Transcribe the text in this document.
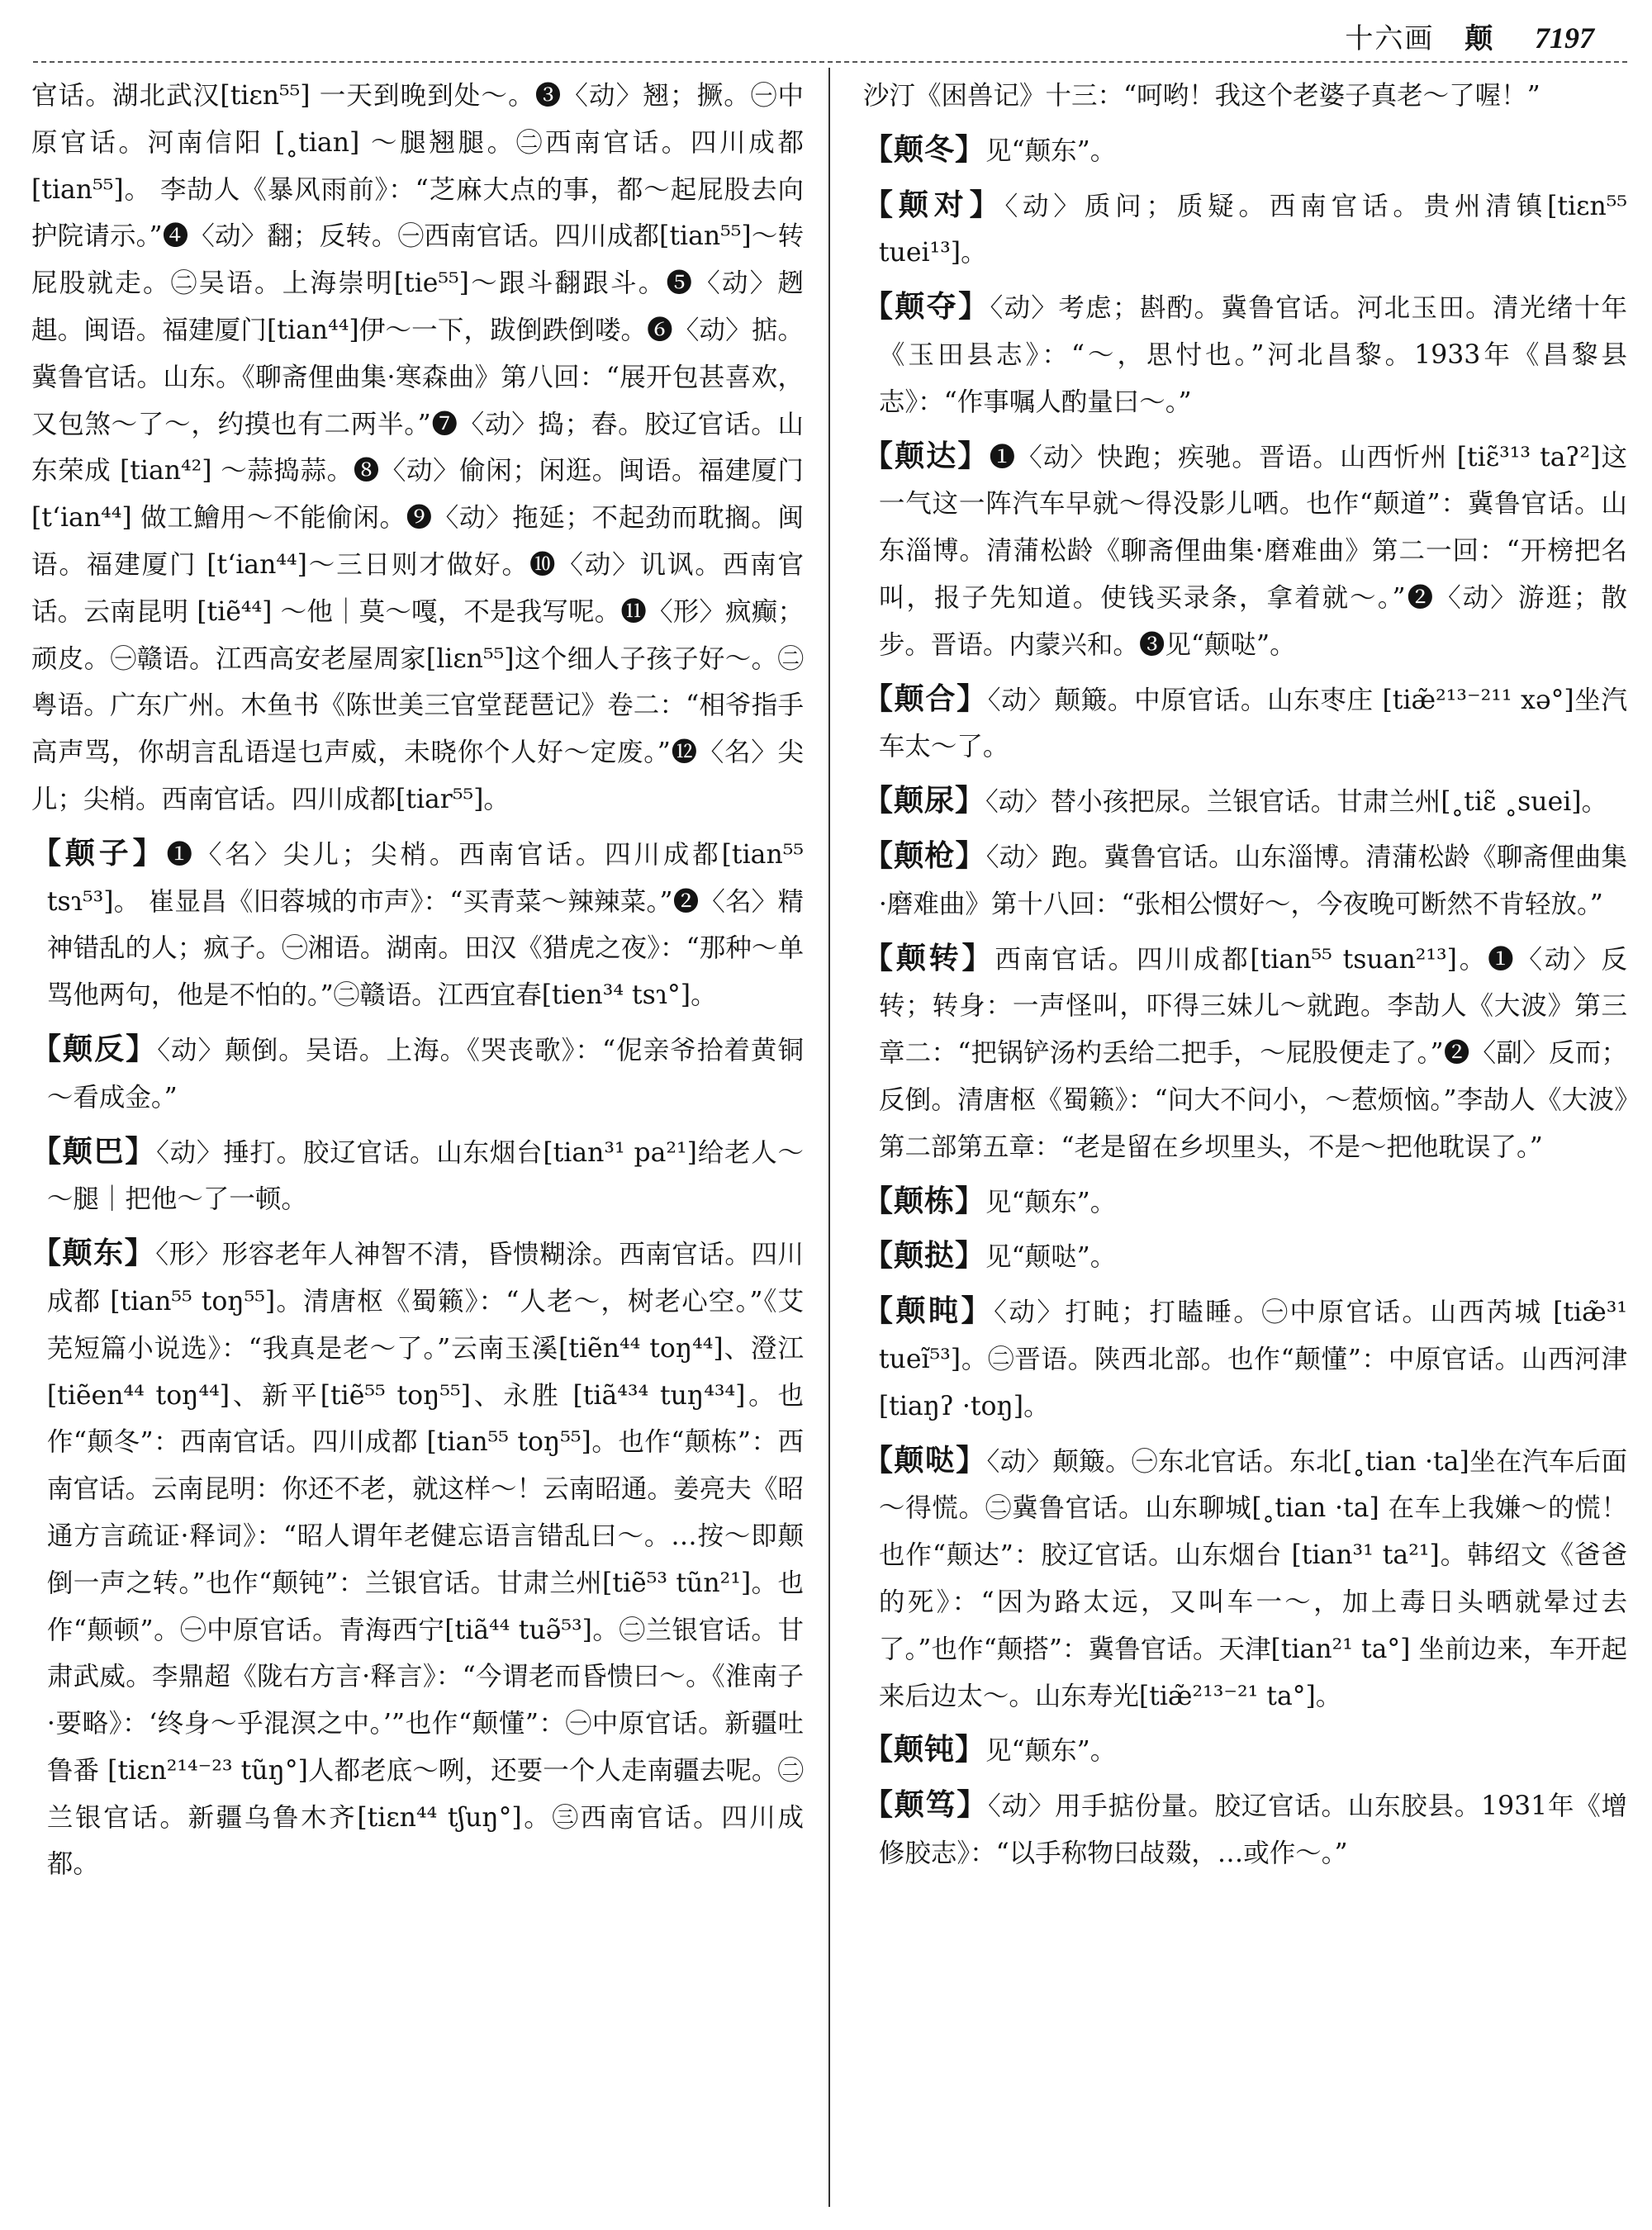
十六画 颠 7197

官话。湖北武汉[tiɛn⁵⁵] 一天到晚到处～。❸〈动〉翘；撅。㊀中原官话。河南信阳 [˳tian] ～腿翘腿。㊁西南官话。四川成都 [tian⁵⁵]。 李劼人《暴风雨前》：“芝麻大点的事，都～起屁股去向护院请示。”❹〈动〉翻；反转。㊀西南官话。四川成都[tian⁵⁵]～转屁股就走。㊁吴语。上海崇明[tie⁵⁵]～跟斗翻跟斗。❺〈动〉趔趄。闽语。福建厦门[tian⁴⁴]伊～一下，跋倒跌倒喽。❻〈动〉掂。冀鲁官话。山东。《聊斋俚曲集·寒森曲》第八回：“展开包甚喜欢，又包煞～了～，约摸也有二两半。”❼〈动〉捣；舂。胶辽官话。山东荣成 [tian⁴²] ～蒜捣蒜。❽〈动〉偷闲；闲逛。闽语。福建厦门 [tʻian⁴⁴] 做工鱠用～不能偷闲。❾〈动〉拖延；不起劲而耽搁。闽语。福建厦门 [tʻian⁴⁴]～三日则才做好。❿〈动〉讥讽。西南官话。云南昆明 [tiẽ⁴⁴] ～他｜莫～嘎，不是我写呢。⓫〈形〉疯癫；顽皮。㊀赣语。江西高安老屋周家[liɛn⁵⁵]这个细人子孩子好～。㊁粤语。广东广州。木鱼书《陈世美三官堂琵琶记》卷二：“相爷指手高声骂，你胡言乱语逞乜声威，未晓你个人好～定废。”⓬〈名〉尖儿；尖梢。西南官话。四川成都[tiar⁵⁵]。

【颠子】❶〈名〉尖儿；尖梢。西南官话。四川成都[tian⁵⁵ tsɿ⁵³]。 崔显昌《旧蓉城的市声》：“买青菜～辣辣菜。”❷〈名〉精神错乱的人；疯子。㊀湘语。湖南。田汉《猎虎之夜》：“那种～单骂他两句，他是不怕的。”㊁赣语。江西宜春[tien³⁴ tsɿ°]。

【颠反】〈动〉颠倒。吴语。上海。《哭丧歌》：“伲亲爷拾着黄铜～看成金。”

【颠巴】〈动〉捶打。胶辽官话。山东烟台[tian³¹ pa²¹]给老人～～腿｜把他～了一顿。

【颠东】〈形〉形容老年人神智不清，昏愦糊涂。西南官话。四川成都 [tian⁵⁵ toŋ⁵⁵]。清唐枢《蜀籁》：“人老～，树老心空。”《艾芜短篇小说选》：“我真是老～了。”云南玉溪[tiẽn⁴⁴ toŋ⁴⁴]、澄江[tiẽen⁴⁴ toŋ⁴⁴]、新平[tiẽ⁵⁵ toŋ⁵⁵]、永胜 [tiã⁴³⁴ tuŋ⁴³⁴]。也作“颠冬”：西南官话。四川成都 [tian⁵⁵ toŋ⁵⁵]。也作“颠栋”：西南官话。云南昆明：你还不老，就这样～！云南昭通。姜亮夫《昭通方言疏证·释词》：“昭人谓年老健忘语言错乱曰～。…按～即颠倒一声之转。”也作“颠钝”：兰银官话。甘肃兰州[tiẽ⁵³ tũn²¹]。也作“颠顿”。㊀中原官话。青海西宁[tiã⁴⁴ tuə̃⁵³]。㊁兰银官话。甘肃武威。李鼎超《陇右方言·释言》：“今谓老而昏愦曰～。《淮南子·要略》：‘终身～乎混溟之中。’”也作“颠懂”：㊀中原官话。新疆吐鲁番 [tiɛn²¹⁴⁻²³ tũŋ°]人都老底～咧，还要一个人走南疆去呢。㊁兰银官话。新疆乌鲁木齐[tiɛn⁴⁴ tʃuŋ°]。㊂西南官话。四川成都。

沙汀《困兽记》十三：“呵哟！我这个老婆子真老～了喔！”

【颠冬】见“颠东”。

【颠对】〈动〉质问；质疑。西南官话。贵州清镇[tiɛn⁵⁵ tuei¹³]。

【颠夺】〈动〉考虑；斟酌。冀鲁官话。河北玉田。清光绪十年《玉田县志》：“～，思忖也。”河北昌黎。1933年《昌黎县志》：“作事嘱人酌量曰～。”

【颠达】❶〈动〉快跑；疾驰。晋语。山西忻州 [tiɛ̃³¹³ taʔ²]这一气这一阵汽车早就～得没影儿哂。也作“颠道”：冀鲁官话。山东淄博。清蒲松龄《聊斋俚曲集·磨难曲》第二一回：“开榜把名叫，报子先知道。使钱买录条，拿着就～。”❷〈动〉游逛；散步。晋语。内蒙兴和。❸见“颠哒”。

【颠合】〈动〉颠簸。中原官话。山东枣庄 [tiæ̃²¹³⁻²¹¹ xə°]坐汽车太～了。

【颠尿】〈动〉替小孩把尿。兰银官话。甘肃兰州[˳tiɛ̃ ˳suei]。

【颠枪】〈动〉跑。冀鲁官话。山东淄博。清蒲松龄《聊斋俚曲集·磨难曲》第十八回：“张相公惯好～，今夜晚可断然不肯轻放。”

【颠转】西南官话。四川成都[tian⁵⁵ tsuan²¹³]。❶〈动〉反转；转身：一声怪叫，吓得三妹儿～就跑。李劼人《大波》第三章二：“把锅铲汤杓丢给二把手，～屁股便走了。”❷〈副〉反而；反倒。清唐枢《蜀籁》：“问大不问小，～惹烦恼。”李劼人《大波》第二部第五章：“老是留在乡坝里头，不是～把他耽误了。”

【颠栋】见“颠东”。

【颠挞】见“颠哒”。

【颠盹】〈动〉打盹；打瞌睡。㊀中原官话。山西芮城 [tiæ̃³¹ tueĩ⁵³]。㊁晋语。陕西北部。也作“颠懂”：中原官话。山西河津[tiaŋʔ ·toŋ]。

【颠哒】〈动〉颠簸。㊀东北官话。东北[˳tian ·ta]坐在汽车后面～得慌。㊁冀鲁官话。山东聊城[˳tian ·ta] 在车上我嫌～的慌！也作“颠达”：胶辽官话。山东烟台 [tian³¹ ta²¹]。韩绍文《爸爸的死》：“因为路太远，又叫车一～，加上毒日头晒就晕过去了。”也作“颠搭”：冀鲁官话。天津[tian²¹ ta°] 坐前边来，车开起来后边太～。山东寿光[tiæ̃²¹³⁻²¹ ta°]。

【颠钝】见“颠东”。

【颠笃】〈动〉用手掂份量。胶辽官话。山东胶县。1931年《增修胶志》：“以手称物曰敁敠，…或作～。”
